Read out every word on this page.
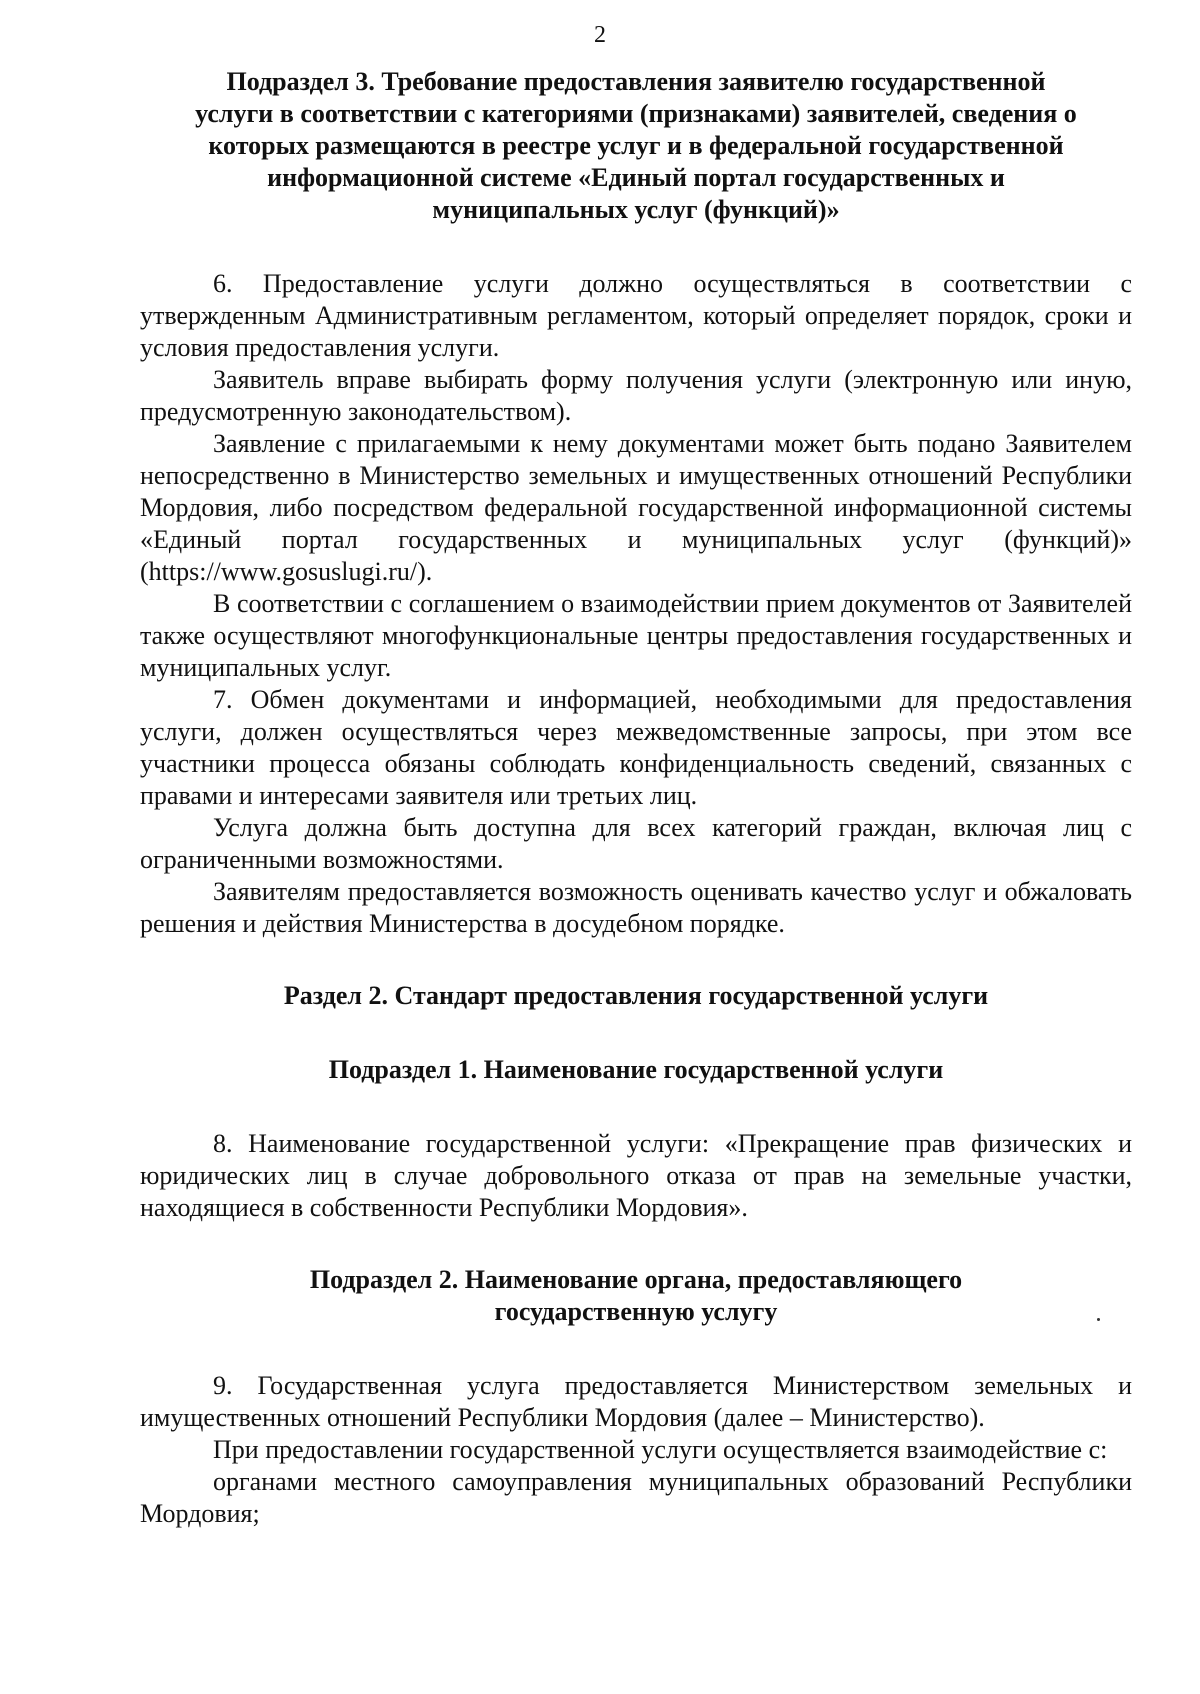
2
Подраздел 3. Требование предоставления заявителю государственной
услуги в соответствии с категориями (признаками) заявителей, сведения о
которых размещаются в реестре услуг и в федеральной государственной
информационной системе «Единый портал государственных и
муниципальных услуг (функций)»

6. Предоставление услуги должно осуществляться в соответствии с утвержденным Административным регламентом, который определяет порядок, сроки и условия предоставления услуги.

Заявитель вправе выбирать форму получения услуги (электронную или иную, предусмотренную законодательством).

Заявление с прилагаемыми к нему документами может быть подано Заявителем непосредственно в Министерство земельных и имущественных отношений Республики Мордовия, либо посредством федеральной государственной информационной системы «Единый портал государственных и муниципальных услуг (функций)» (https://www.gosuslugi.ru/).

В соответствии с соглашением о взаимодействии прием документов от Заявителей также осуществляют многофункциональные центры предоставления государственных и муниципальных услуг.

7. Обмен документами и информацией, необходимыми для предоставления услуги, должен осуществляться через межведомственные запросы, при этом все участники процесса обязаны соблюдать конфиденциальность сведений, связанных с правами и интересами заявителя или третьих лиц.

Услуга должна быть доступна для всех категорий граждан, включая лиц с ограниченными возможностями.

Заявителям предоставляется возможность оценивать качество услуг и обжаловать решения и действия Министерства в досудебном порядке.

Раздел 2. Стандарт предоставления государственной услуги
Подраздел 1. Наименование государственной услуги

8. Наименование государственной услуги: «Прекращение прав физических и юридических лиц в случае добровольного отказа от прав на земельные участки, находящиеся в собственности Республики Мордовия».

Подраздел 2. Наименование органа, предоставляющего
государственную услугу

9. Государственная услуга предоставляется Министерством земельных и имущественных отношений Республики Мордовия (далее – Министерство).

При предоставлении государственной услуги осуществляется взаимодействие с:

органами местного самоуправления муниципальных образований Республики Мордовия;
